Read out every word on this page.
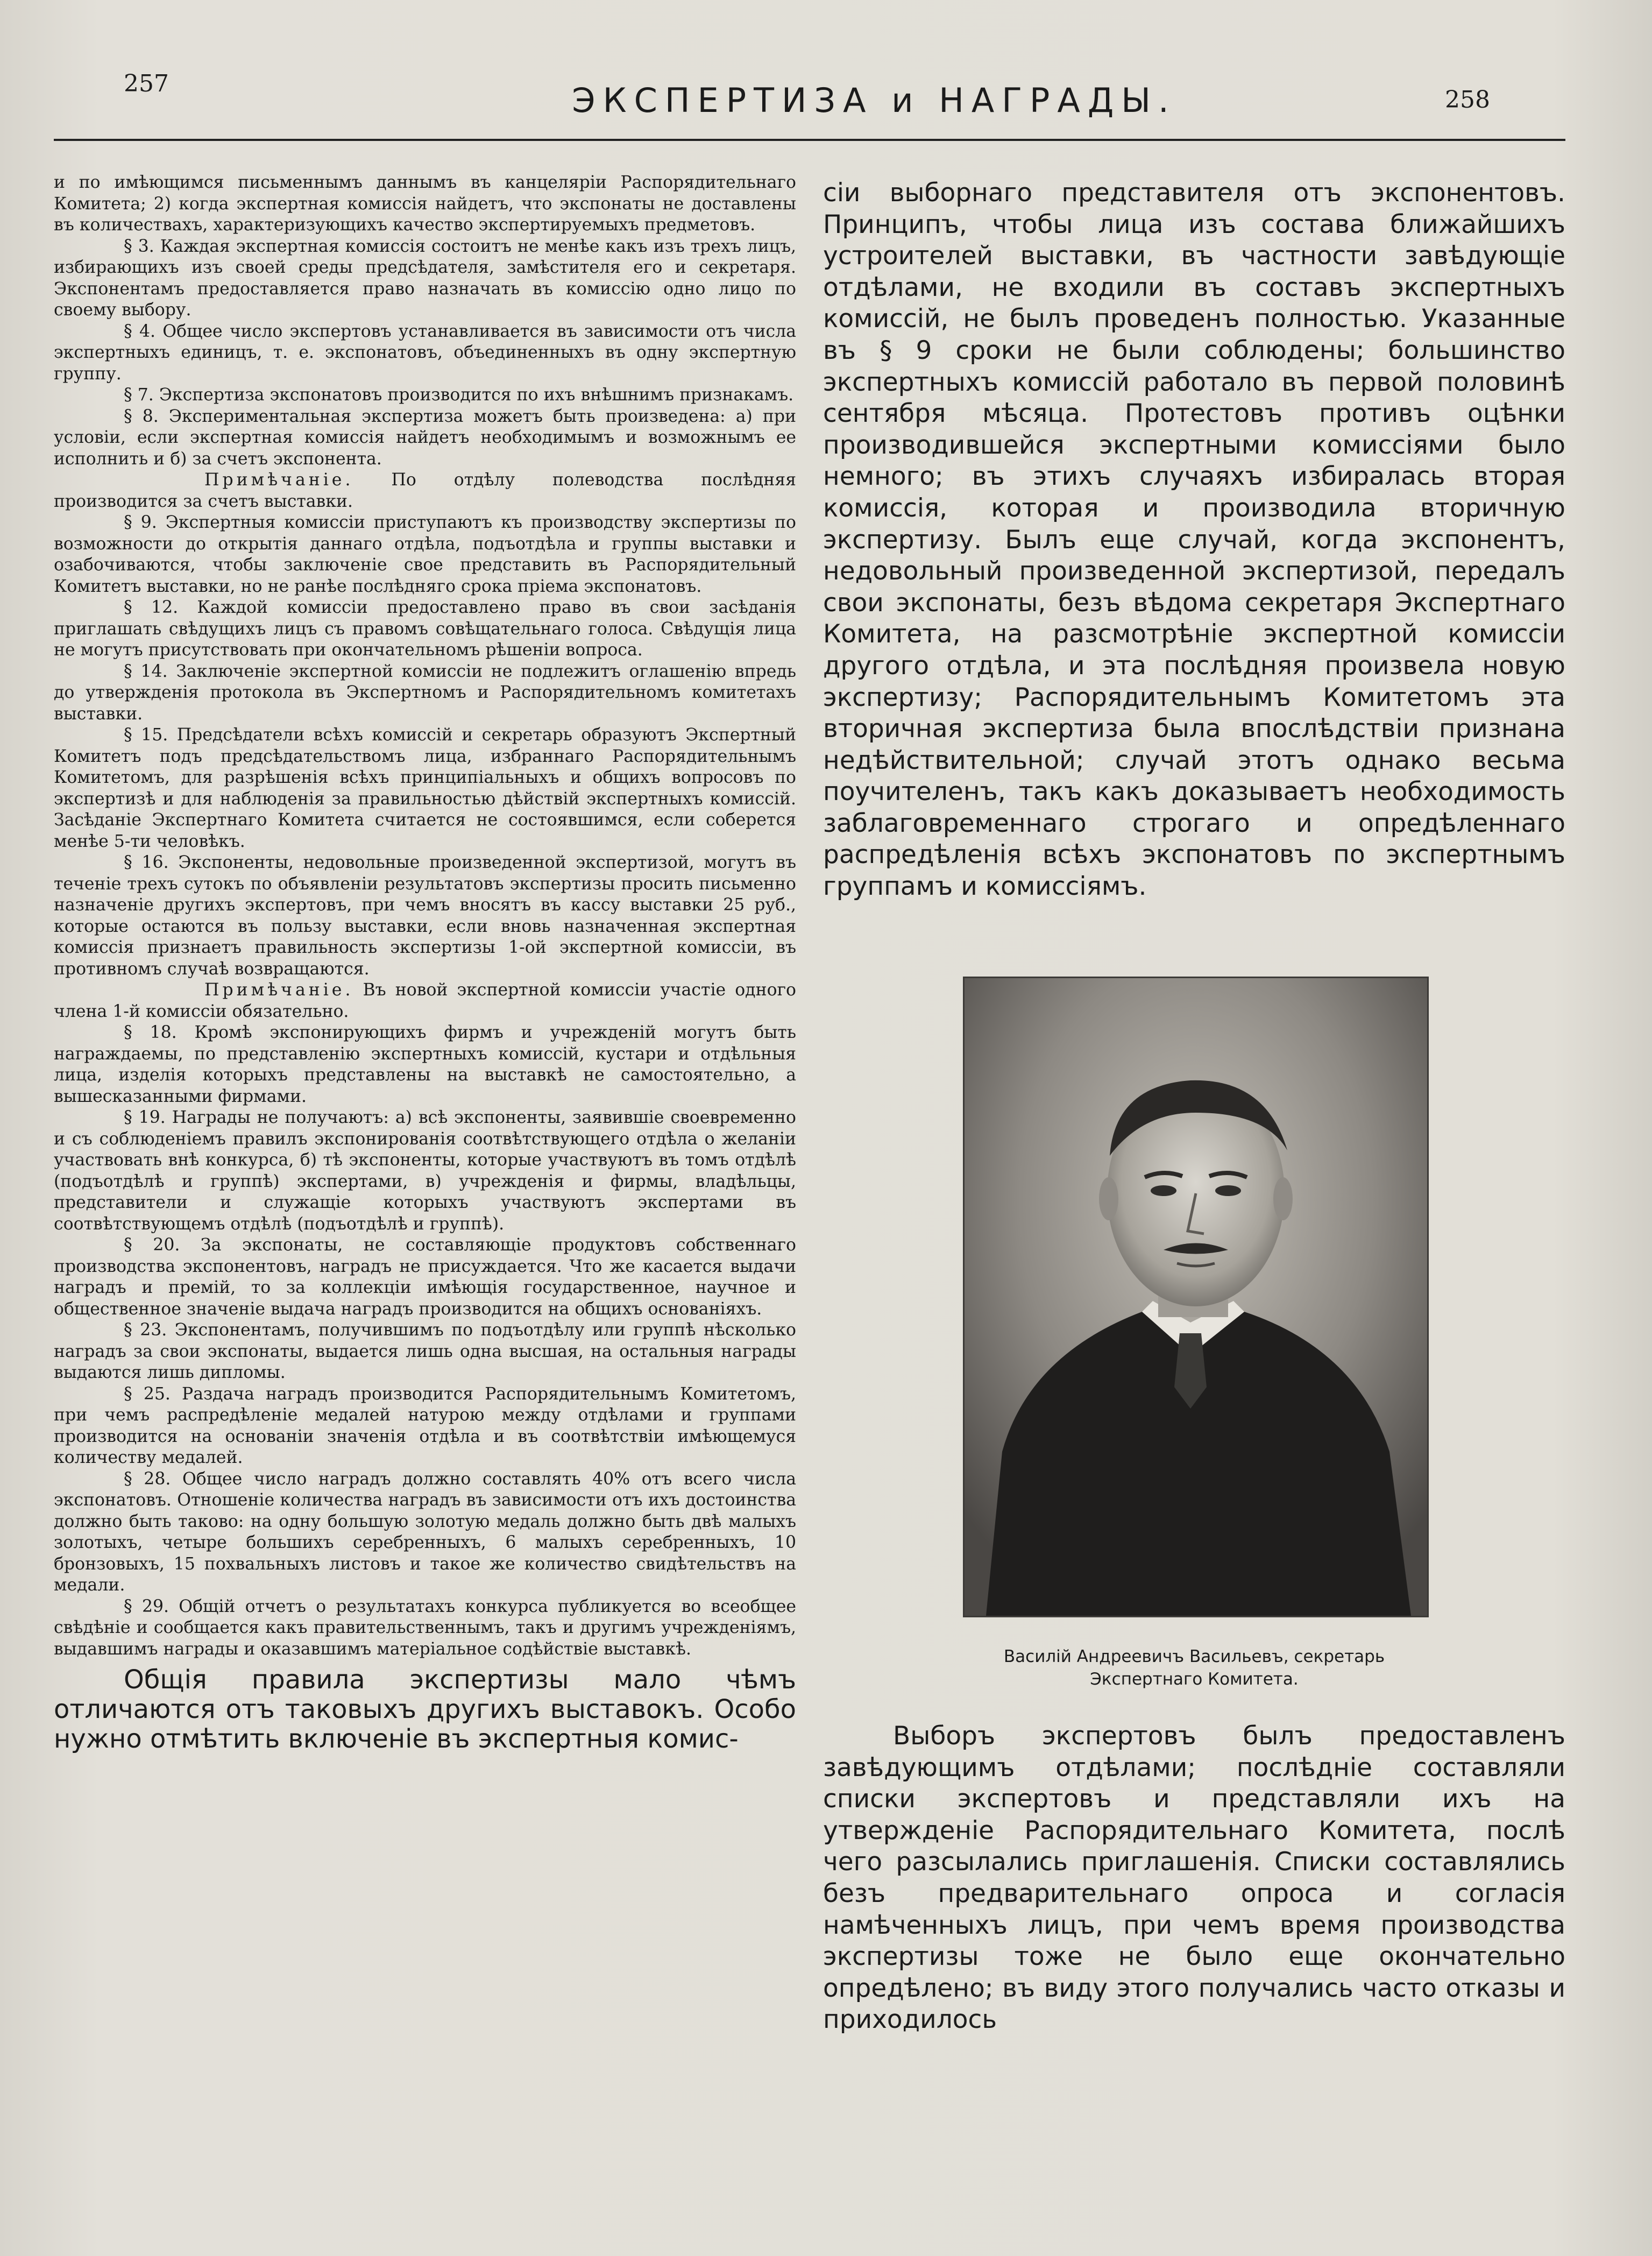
257	ЭКСПЕРТИЗА и НАГРАДЫ.	258

и по имѣющимся письменнымъ даннымъ въ канцеляріи Распорядительнаго Комитета; 2) когда экспертная комиссія найдетъ, что экспонаты не доставлены въ количествахъ, характеризующихъ качество экспертируемыхъ предметовъ.

§ 3. Каждая экспертная комиссія состоитъ не менѣе какъ изъ трехъ лицъ, избирающихъ изъ своей среды предсѣдателя, замѣстителя его и секретаря. Экспонентамъ предоставляется право назначать въ комиссію одно лицо по своему выбору.

§ 4. Общее число экспертовъ устанавливается въ зависимости отъ числа экспертныхъ единицъ, т. е. экспонатовъ, объединенныхъ въ одну экспертную группу.

§ 7. Экспертиза экспонатовъ производится по ихъ внѣшнимъ признакамъ.

§ 8. Экспериментальная экспертиза можетъ быть произведена: а) при условіи, если экспертная комиссія найдетъ необходимымъ и возможнымъ ее исполнить и б) за счетъ экспонента.

Примѣчаніе. По отдѣлу полеводства послѣдняя производится за счетъ выставки.

§ 9. Экспертныя комиссіи приступаютъ къ производству экспертизы по возможности до открытія даннаго отдѣла, подъотдѣла и группы выставки и озабочиваются, чтобы заключеніе свое представить въ Распорядительный Комитетъ выставки, но не ранѣе послѣдняго срока пріема экспонатовъ.

§ 12. Каждой комиссіи предоставлено право въ свои засѣданія приглашать свѣдущихъ лицъ съ правомъ совѣщательнаго голоса. Свѣдущія лица не могутъ присутствовать при окончательномъ рѣшеніи вопроса.

§ 14. Заключеніе экспертной комиссіи не подлежитъ оглашенію впредь до утвержденія протокола въ Экспертномъ и Распорядительномъ комитетахъ выставки.

§ 15. Предсѣдатели всѣхъ комиссій и секретарь образуютъ Экспертный Комитетъ подъ предсѣдательствомъ лица, избраннаго Распорядительнымъ Комитетомъ, для разрѣшенія всѣхъ принципіальныхъ и общихъ вопросовъ по экспертизѣ и для наблюденія за правильностью дѣйствій экспертныхъ комиссій. Засѣданіе Экспертнаго Комитета считается не состоявшимся, если соберется менѣе 5-ти человѣкъ.

§ 16. Экспоненты, недовольные произведенной экспертизой, могутъ въ теченіе трехъ сутокъ по объявленіи результатовъ экспертизы просить письменно назначеніе другихъ экспертовъ, при чемъ вносятъ въ кассу выставки 25 руб., которые остаются въ пользу выставки, если вновь назначенная экспертная комиссія признаетъ правильность экспертизы 1-ой экспертной комиссіи, въ противномъ случаѣ возвращаются.

Примѣчаніе. Въ новой экспертной комиссіи участіе одного члена 1-й комиссіи обязательно.

§ 18. Кромѣ экспонирующихъ фирмъ и учрежденій могутъ быть награждаемы, по представленію экспертныхъ комиссій, кустари и отдѣльныя лица, изделія которыхъ представлены на выставкѣ не самостоятельно, а вышесказанными фирмами.

§ 19. Награды не получаютъ: а) всѣ экспоненты, заявившіе своевременно и съ соблюденіемъ правилъ экспонированія соотвѣтствующего отдѣла о желаніи участвовать внѣ конкурса, б) тѣ экспоненты, которые участвуютъ въ томъ отдѣлѣ (подъотдѣлѣ и группѣ) экспертами, в) учрежденія и фирмы, владѣльцы, представители и служащіе которыхъ участвуютъ экспертами въ соотвѣтствующемъ отдѣлѣ (подъотдѣлѣ и группѣ).

§ 20. За экспонаты, не составляющіе продуктовъ собственнаго производства экспонентовъ, наградъ не присуждается. Что же касается выдачи наградъ и премій, то за коллекціи имѣющія государственное, научное и общественное значеніе выдача наградъ производится на общихъ основаніяхъ.

§ 23. Экспонентамъ, получившимъ по подъотдѣлу или группѣ нѣсколько наградъ за свои экспонаты, выдается лишь одна высшая, на остальныя награды выдаются лишь дипломы.

§ 25. Раздача наградъ производится Распорядительнымъ Комитетомъ, при чемъ распредѣленіе медалей натурою между отдѣлами и группами производится на основаніи значенія отдѣла и въ соотвѣтствіи имѣющемуся количеству медалей.

§ 28. Общее число наградъ должно составлять 40% отъ всего числа экспонатовъ. Отношеніе количества наградъ въ зависимости отъ ихъ достоинства должно быть таково: на одну большую золотую медаль должно быть двѣ малыхъ золотыхъ, четыре большихъ серебренныхъ, 6 малыхъ серебренныхъ, 10 бронзовыхъ, 15 похвальныхъ листовъ и такое же количество свидѣтельствъ на медали.

§ 29. Общій отчетъ о результатахъ конкурса публикуется во всеобщее свѣдѣніе и сообщается какъ правительственнымъ, такъ и другимъ учрежденіямъ, выдавшимъ награды и оказавшимъ матеріальное содѣйствіе выставкѣ.

Общія правила экспертизы мало чѣмъ отличаются отъ таковыхъ другихъ выставокъ. Особо нужно отмѣтить включеніе въ экспертныя комис-

сіи выборнаго представителя отъ экспонентовъ. Принципъ, чтобы лица изъ состава ближайшихъ устроителей выставки, въ частности завѣдующіе отдѣлами, не входили въ составъ экспертныхъ комиссій, не былъ проведенъ полностью. Указанные въ § 9 сроки не были соблюдены; большинство экспертныхъ комиссій работало въ первой половинѣ сентября мѣсяца. Протестовъ противъ оцѣнки производившейся экспертными комиссіями было немного; въ этихъ случаяхъ избиралась вторая комиссія, которая и производила вторичную экспертизу. Былъ еще случай, когда экспонентъ, недовольный произведенной экспертизой, передалъ свои экспонаты, безъ вѣдома секретаря Экспертнаго Комитета, на разсмотрѣніе экспертной комиссіи другого отдѣла, и эта послѣдняя произвела новую экспертизу; Распорядительнымъ Комитетомъ эта вторичная экспертиза была впослѣдствіи признана недѣйствительной; случай этотъ однако весьма поучителенъ, такъ какъ доказываетъ необходимость заблаговременнаго строгаго и опредѣленнаго распредѣленія всѣхъ экспонатовъ по экспертнымъ группамъ и комиссіямъ.

Василій Андреевичъ Васильевъ, секретарь
Экспертнаго Комитета.

Выборъ экспертовъ былъ предоставленъ завѣдующимъ отдѣлами; послѣдніе составляли списки экспертовъ и представляли ихъ на утвержденіе Распорядительнаго Комитета, послѣ чего разсылались приглашенія. Списки составлялись безъ предварительнаго опроса и согласія намѣченныхъ лицъ, при чемъ время производства экспертизы тоже не было еще окончательно опредѣлено; въ виду этого получались часто отказы и приходилось
